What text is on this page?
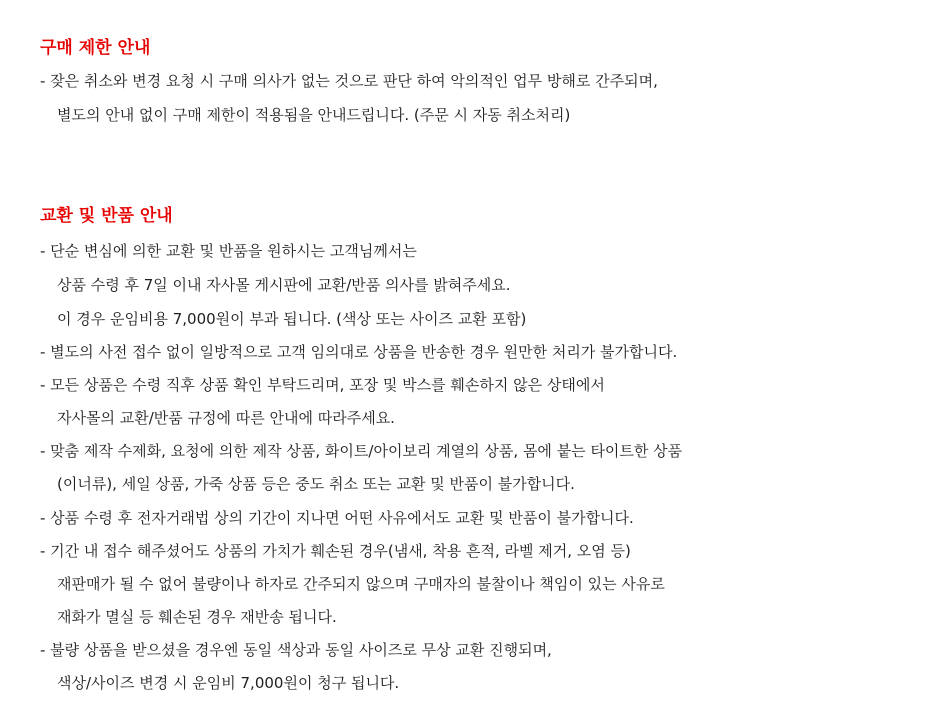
구매 제한 안내

- 잦은 취소와 변경 요청 시 구매 의사가 없는 것으로 판단 하여 악의적인 업무 방해로 간주되며,

별도의 안내 없이 구매 제한이 적용됨을 안내드립니다. (주문 시 자동 취소처리)

교환 및 반품 안내

- 단순 변심에 의한 교환 및 반품을 원하시는 고객님께서는

상품 수령 후 7일 이내 자사몰 게시판에 교환/반품 의사를 밝혀주세요.

이 경우 운임비용 7,000원이 부과 됩니다. (색상 또는 사이즈 교환 포함)

- 별도의 사전 접수 없이 일방적으로 고객 임의대로 상품을 반송한 경우 원만한 처리가 불가합니다.

- 모든 상품은 수령 직후 상품 확인 부탁드리며, 포장 및 박스를 훼손하지 않은 상태에서

자사몰의 교환/반품 규정에 따른 안내에 따라주세요.

- 맞춤 제작 수제화, 요청에 의한 제작 상품, 화이트/아이보리 계열의 상품, 몸에 붙는 타이트한 상품

(이너류), 세일 상품, 가죽 상품 등은 중도 취소 또는 교환 및 반품이 불가합니다.

- 상품 수령 후 전자거래법 상의 기간이 지나면 어떤 사유에서도 교환 및 반품이 불가합니다.

- 기간 내 접수 해주셨어도 상품의 가치가 훼손된 경우(냄새, 착용 흔적, 라벨 제거, 오염 등)

재판매가 될 수 없어 불량이나 하자로 간주되지 않으며 구매자의 불찰이나 책임이 있는 사유로

재화가 멸실 등 훼손된 경우 재반송 됩니다.

- 불량 상품을 받으셨을 경우엔 동일 색상과 동일 사이즈로 무상 교환 진행되며,

색상/사이즈 변경 시 운임비 7,000원이 청구 됩니다.
